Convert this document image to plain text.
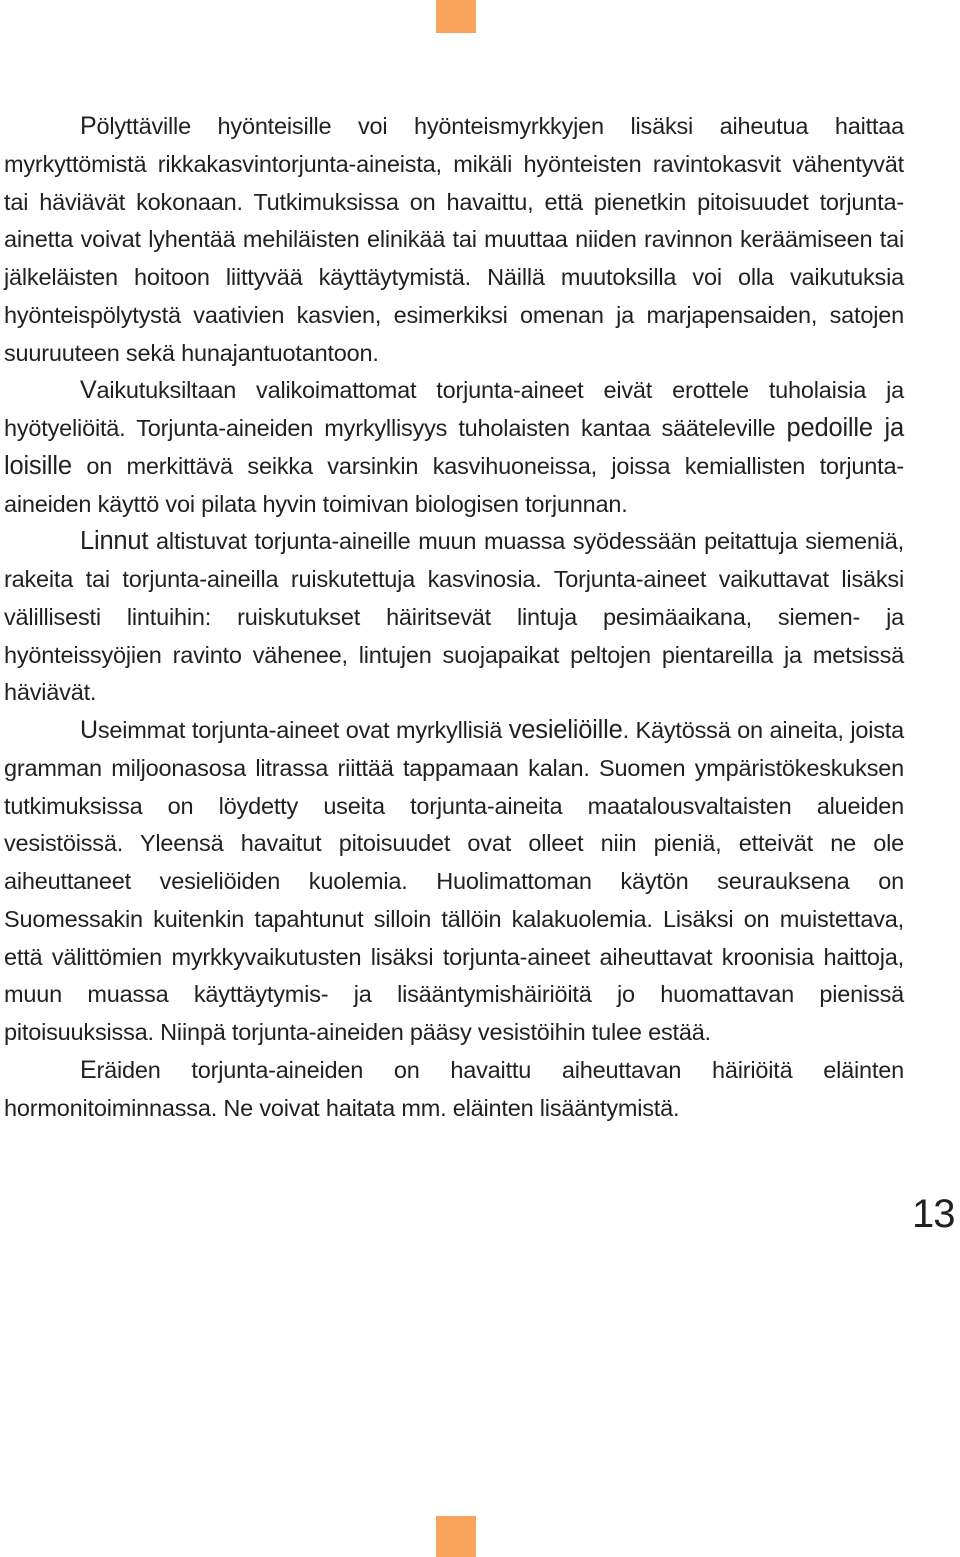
Pölyttäville hyönteisille voi hyönteismyrkkyjen lisäksi aiheutua haittaa myrkyttömistä rikkakasvintorjunta-aineista, mikäli hyönteisten ravintokasvit vähentyvät tai häviävät kokonaan. Tutkimuksissa on havaittu, että pienetkin pitoisuudet torjunta-ainetta voivat lyhentää mehiläisten elinikää tai muuttaa niiden ravinnon keräämiseen tai jälkeläisten hoitoon liittyvää käyttäytymistä. Näillä muutoksilla voi olla vaikutuksia hyönteispölytystä vaativien kasvien, esimerkiksi omenan ja marjapensaiden, satojen suuruuteen sekä hunajantuotantoon.

Vaikutuksiltaan valikoimattomat torjunta-aineet eivät erottele tuholaisia ja hyötyeliöitä. Torjunta-aineiden myrkyllisyys tuholaisten kantaa sääteleville pedoille ja loisille on merkittävä seikka varsinkin kasvihuoneissa, joissa kemiallisten torjunta-aineiden käyttö voi pilata hyvin toimivan biologisen torjunnan.

Linnut altistuvat torjunta-aineille muun muassa syödessään peitattuja siemeniä, rakeita tai torjunta-aineilla ruiskutettuja kasvinosia. Torjunta-aineet vaikuttavat lisäksi välillisesti lintuihin: ruiskutukset häiritsevät lintuja pesimäaikana, siemen- ja hyönteissyöjien ravinto vähenee, lintujen suojapaikat peltojen pientareilla ja metsissä häviävät.

Useimmat torjunta-aineet ovat myrkyllisiä vesieliöille. Käytössä on aineita, joista gramman miljoonasosa litrassa riittää tappamaan kalan. Suomen ympäristökeskuksen tutkimuksissa on löydetty useita torjunta-aineita maatalousvaltaisten alueiden vesistöissä. Yleensä havaitut pitoisuudet ovat olleet niin pieniä, etteivät ne ole aiheuttaneet vesieliöiden kuolemia. Huolimattoman käytön seurauksena on Suomessakin kuitenkin tapahtunut silloin tällöin kalakuolemia. Lisäksi on muistettava, että välittömien myrkkyvaikutusten lisäksi torjunta-aineet aiheuttavat kroonisia haittoja, muun muassa käyttäytymis- ja lisääntymishäiriöitä jo huomattavan pienissä pitoisuuksissa. Niinpä torjunta-aineiden pääsy vesistöihin tulee estää.

Eräiden torjunta-aineiden on havaittu aiheuttavan häiriöitä eläinten hormonitoiminnassa. Ne voivat haitata mm. eläinten lisääntymistä.

13
